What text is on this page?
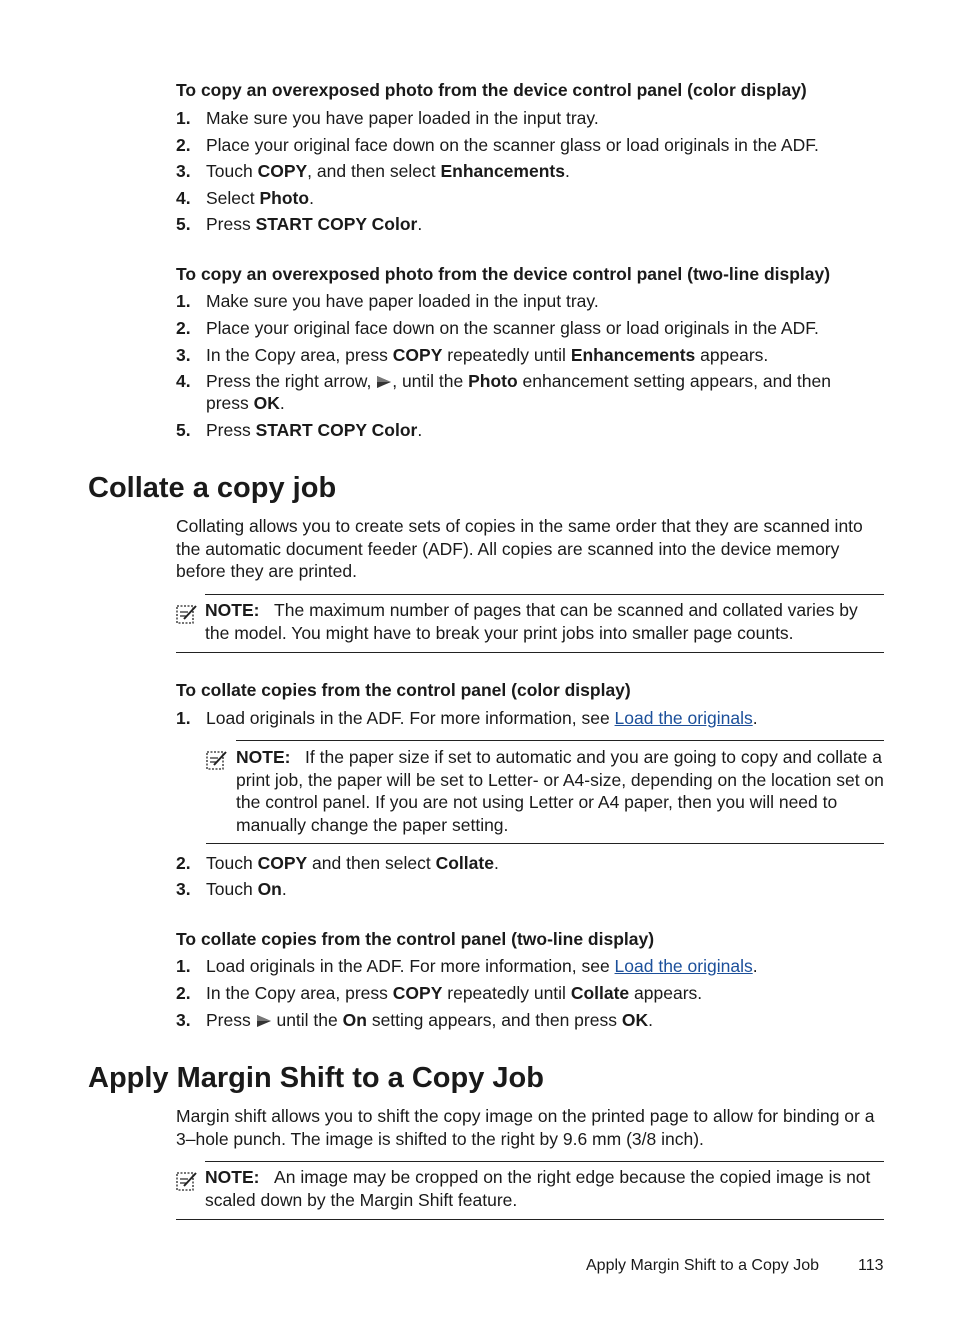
To copy an overexposed photo from the device control panel (color display)
1. Make sure you have paper loaded in the input tray.
2. Place your original face down on the scanner glass or load originals in the ADF.
3. Touch COPY, and then select Enhancements.
4. Select Photo.
5. Press START COPY Color.
To copy an overexposed photo from the device control panel (two-line display)
1. Make sure you have paper loaded in the input tray.
2. Place your original face down on the scanner glass or load originals in the ADF.
3. In the Copy area, press COPY repeatedly until Enhancements appears.
4. Press the right arrow, , until the Photo enhancement setting appears, and then press OK.
5. Press START COPY Color.
Collate a copy job
Collating allows you to create sets of copies in the same order that they are scanned into the automatic document feeder (ADF). All copies are scanned into the device memory before they are printed.
NOTE: The maximum number of pages that can be scanned and collated varies by the model. You might have to break your print jobs into smaller page counts.
To collate copies from the control panel (color display)
1. Load originals in the ADF. For more information, see Load the originals.
NOTE: If the paper size if set to automatic and you are going to copy and collate a print job, the paper will be set to Letter- or A4-size, depending on the location set on the control panel. If you are not using Letter or A4 paper, then you will need to manually change the paper setting.
2. Touch COPY and then select Collate.
3. Touch On.
To collate copies from the control panel (two-line display)
1. Load originals in the ADF. For more information, see Load the originals.
2. In the Copy area, press COPY repeatedly until Collate appears.
3. Press  until the On setting appears, and then press OK.
Apply Margin Shift to a Copy Job
Margin shift allows you to shift the copy image on the printed page to allow for binding or a 3–hole punch. The image is shifted to the right by 9.6 mm (3/8 inch).
NOTE: An image may be cropped on the right edge because the copied image is not scaled down by the Margin Shift feature.
Apply Margin Shift to a Copy Job 113
